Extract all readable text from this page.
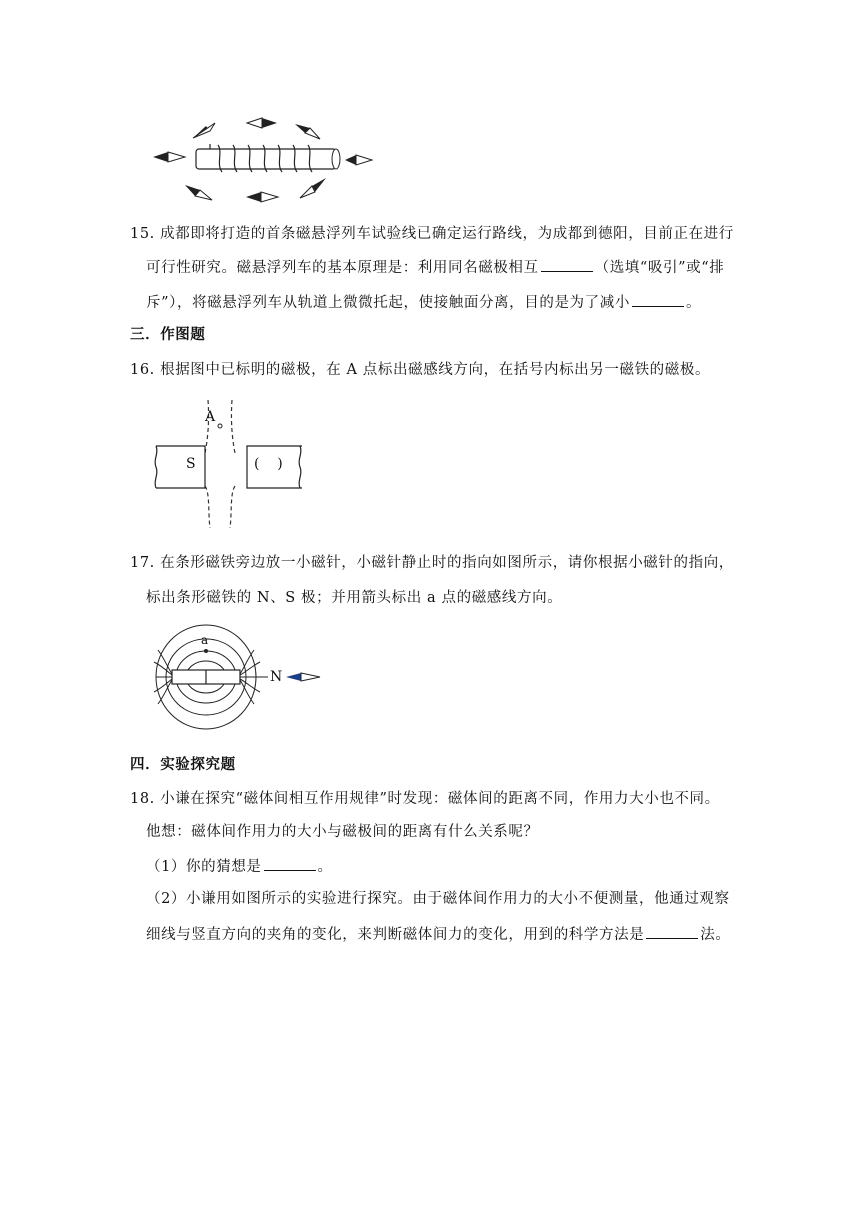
15. 成都即将打造的首条磁悬浮列车试验线已确定运行路线，为成都到德阳，目前正在进行
可行性研究。磁悬浮列车的基本原理是：利用同名磁极相互	（选填“吸引”或“排
斥”），将磁悬浮列车从轨道上微微托起，使接触面分离，目的是为了减小	。
三．作图题
16. 根据图中已标明的磁极，在 A 点标出磁感线方向，在括号内标出另一磁铁的磁极。
A
S	(    )
17. 在条形磁铁旁边放一小磁针，小磁针静止时的指向如图所示，请你根据小磁针的指向，
标出条形磁铁的 N、S 极；并用箭头标出 a 点的磁感线方向。
a
N
四．实验探究题
18. 小谦在探究“磁体间相互作用规律”时发现：磁体间的距离不同，作用力大小也不同。
他想：磁体间作用力的大小与磁极间的距离有什么关系呢？
（1）你的猜想是	。
（2）小谦用如图所示的实验进行探究。由于磁体间作用力的大小不便测量，他通过观察
细线与竖直方向的夹角的变化，来判断磁体间力的变化，用到的科学方法是	法。
